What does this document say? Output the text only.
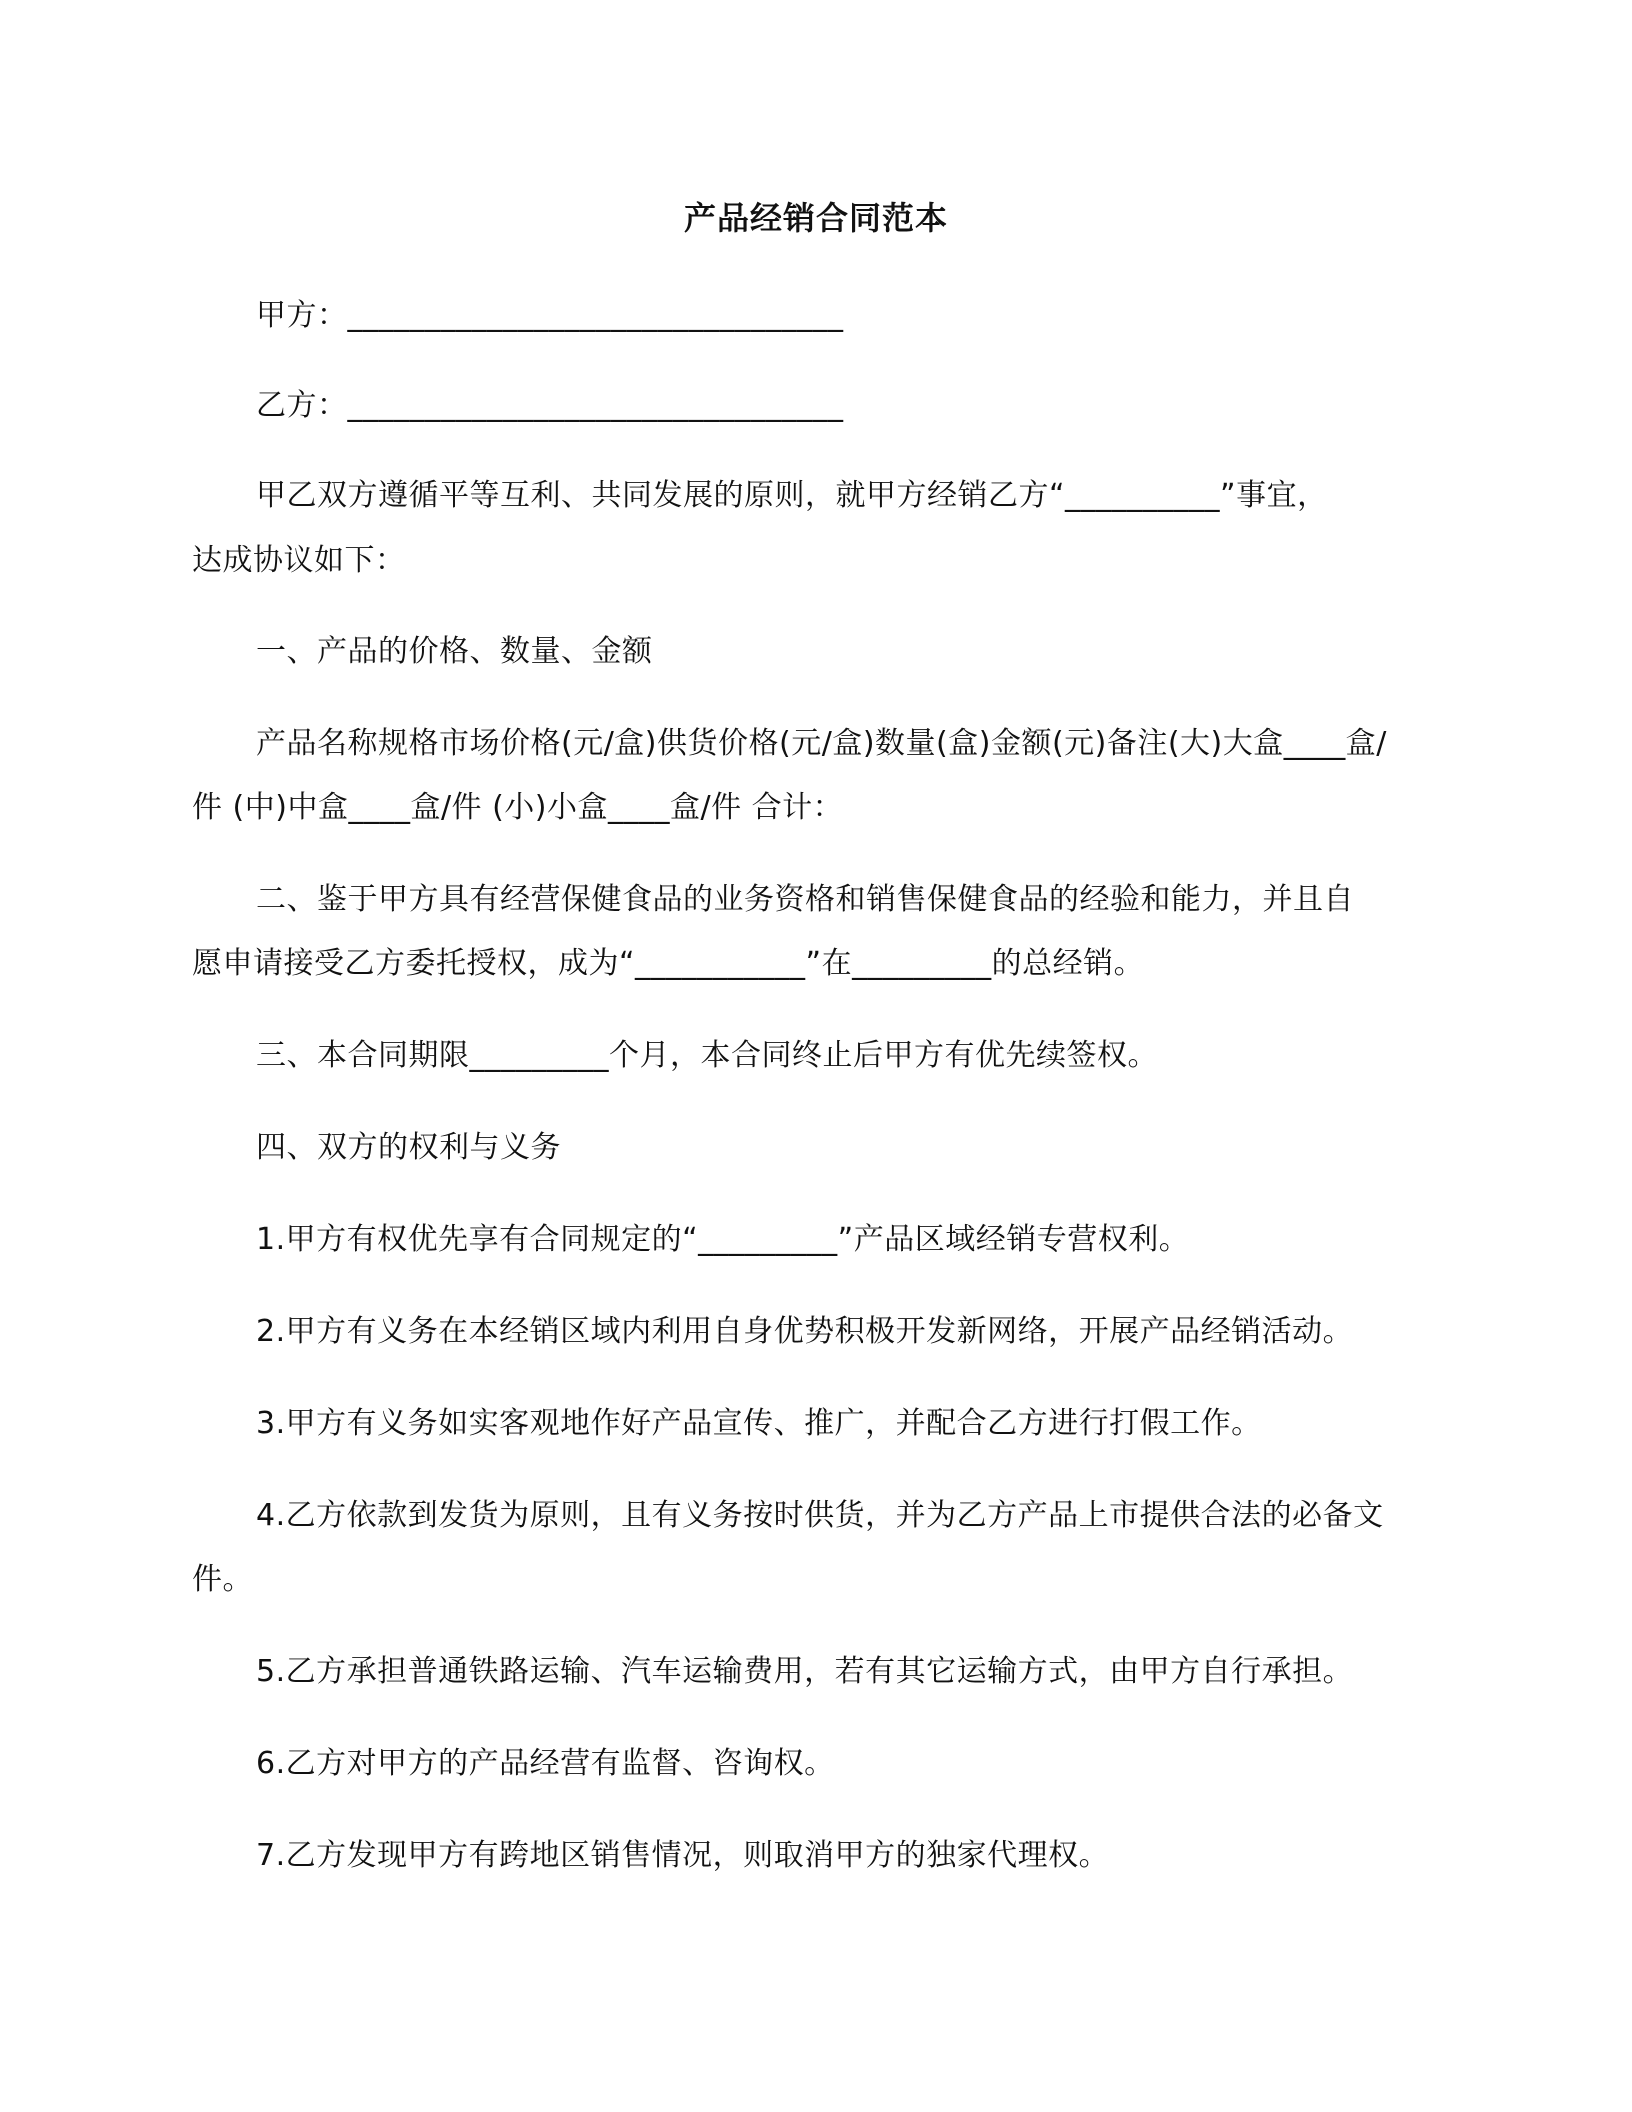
产品经销合同范本
甲方：________________________________
乙方：________________________________
甲乙双方遵循平等互利、共同发展的原则，就甲方经销乙方“__________”事宜，
达成协议如下：
一、产品的价格、数量、金额
产品名称规格市场价格(元/盒)供货价格(元/盒)数量(盒)金额(元)备注(大)大盒____盒/
件 (中)中盒____盒/件 (小)小盒____盒/件 合计：
二、鉴于甲方具有经营保健食品的业务资格和销售保健食品的经验和能力，并且自
愿申请接受乙方委托授权，成为“___________”在_________的总经销。
三、本合同期限_________个月，本合同终止后甲方有优先续签权。
四、双方的权利与义务
1.甲方有权优先享有合同规定的“_________”产品区域经销专营权利。
2.甲方有义务在本经销区域内利用自身优势积极开发新网络，开展产品经销活动。
3.甲方有义务如实客观地作好产品宣传、推广，并配合乙方进行打假工作。
4.乙方依款到发货为原则，且有义务按时供货，并为乙方产品上市提供合法的必备文
件。
5.乙方承担普通铁路运输、汽车运输费用，若有其它运输方式，由甲方自行承担。
6.乙方对甲方的产品经营有监督、咨询权。
7.乙方发现甲方有跨地区销售情况，则取消甲方的独家代理权。
